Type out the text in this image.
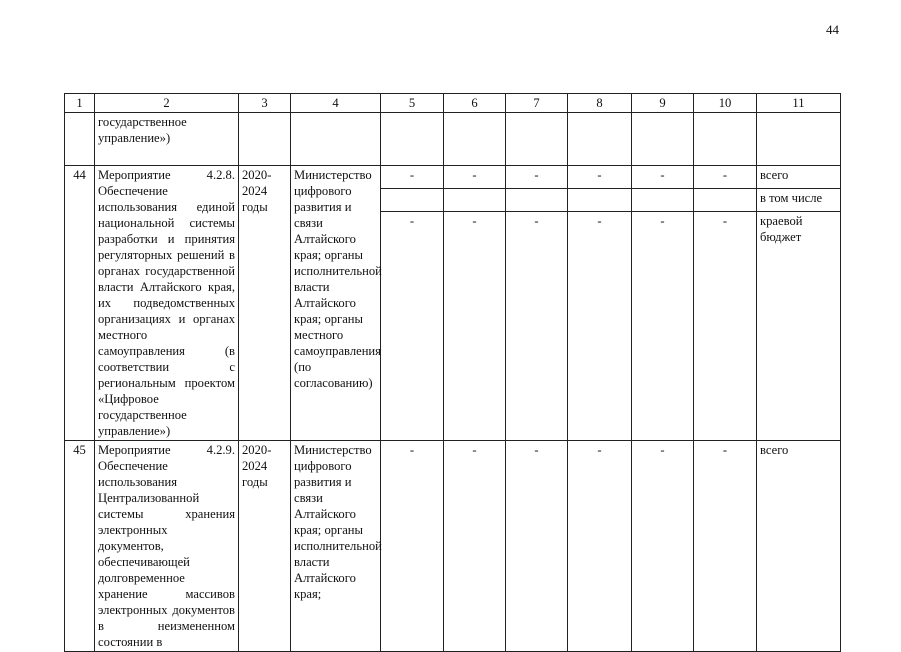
44
1	2	3	4	5	6	7	8	9	10	11
	государственное управление»)									
44	Мероприятие 4.2.8. Обеспечение использования единой национальной системы разработки и принятия регуляторных решений в органах государственной власти Алтайского края, их подведомственных организациях и органах местного самоуправления (в соответствии с региональным проектом «Цифровое государственное управление»)	2020-2024 годы	Министерство цифрового развития и связи Алтайского края; органы исполнительной власти Алтайского края; органы местного самоуправления (по согласованию)	-	-	-	-	-	-	всего
										в том числе
				-	-	-	-	-	-	краевой бюджет
45	Мероприятие 4.2.9. Обеспечение использования Централизованной системы хранения электронных документов, обеспечивающей долговременное хранение массивов электронных документов в неизмененном состоянии в	2020-2024 годы	Министерство цифрового развития и связи Алтайского края; органы исполнительной власти Алтайского края;	-	-	-	-	-	-	всего
